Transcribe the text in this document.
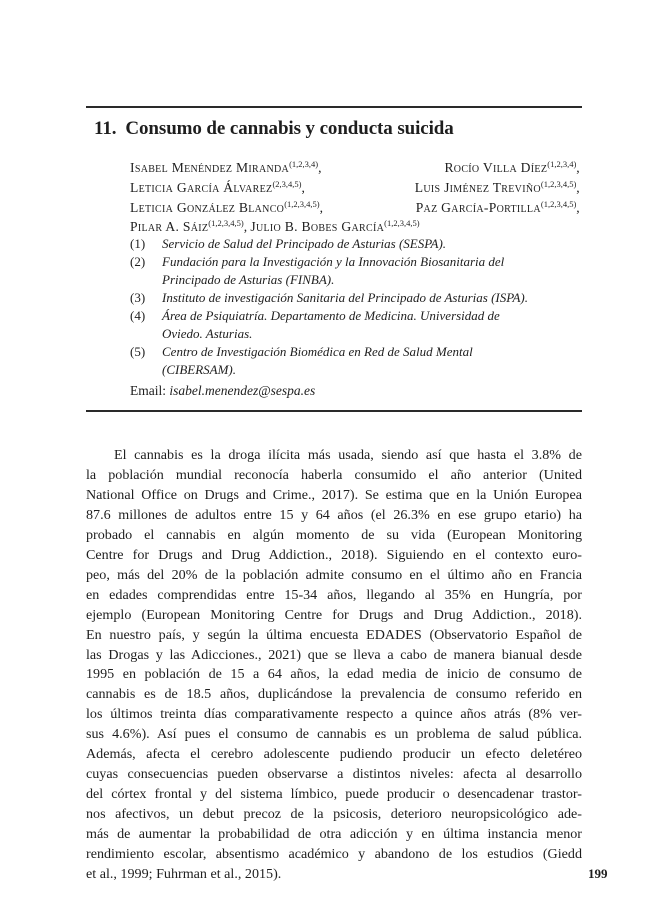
11. Consumo de cannabis y conducta suicida
Isabel Menéndez Miranda$^{(1,2,3,4)}$,	Rocío Villa Díez$^{(1,2,3,4)}$,
Leticia García Álvarez$^{(2,3,4,5)}$,	Luis Jiménez Treviño$^{(1,2,3,4,5)}$,
Leticia González Blanco$^{(1,2,3,4,5)}$,	Paz García-Portilla$^{(1,2,3,4,5)}$,
Pilar A. Sáiz$^{(1,2,3,4,5)}$, Julio B. Bobes García$^{(1,2,3,4,5)}$
(1)	Servicio de Salud del Principado de Asturias (SESPA).
(2)	Fundación para la Investigación y la Innovación Biosanitaria del
Principado de Asturias (FINBA).
(3)	Instituto de investigación Sanitaria del Principado de Asturias (ISPA).
(4)	Área de Psiquiatría. Departamento de Medicina. Universidad de
Oviedo. Asturias.
(5)	Centro de Investigación Biomédica en Red de Salud Mental
(CIBERSAM).
Email: isabel.menendez@sespa.es

El cannabis es la droga ilícita más usada, siendo así que hasta el 3.8% de
la población mundial reconocía haberla consumido el año anterior (United
National Office on Drugs and Crime., 2017). Se estima que en la Unión Europea
87.6 millones de adultos entre 15 y 64 años (el 26.3% en ese grupo etario) ha
probado el cannabis en algún momento de su vida (European Monitoring
Centre for Drugs and Drug Addiction., 2018). Siguiendo en el contexto euro-
peo, más del 20% de la población admite consumo en el último año en Francia
en edades comprendidas entre 15-34 años, llegando al 35% en Hungría, por
ejemplo (European Monitoring Centre for Drugs and Drug Addiction., 2018).
En nuestro país, y según la última encuesta EDADES (Observatorio Español de
las Drogas y las Adicciones., 2021) que se lleva a cabo de manera bianual desde
1995 en población de 15 a 64 años, la edad media de inicio de consumo de
cannabis es de 18.5 años, duplicándose la prevalencia de consumo referido en
los últimos treinta días comparativamente respecto a quince años atrás (8% ver-
sus 4.6%). Así pues el consumo de cannabis es un problema de salud pública.
Además, afecta el cerebro adolescente pudiendo producir un efecto deletéreo
cuyas consecuencias pueden observarse a distintos niveles: afecta al desarrollo
del córtex frontal y del sistema límbico, puede producir o desencadenar trastor-
nos afectivos, un debut precoz de la psicosis, deterioro neuropsicológico ade-
más de aumentar la probabilidad de otra adicción y en última instancia menor
rendimiento escolar, absentismo académico y abandono de los estudios (Giedd
et al., 1999; Fuhrman et al., 2015).	199
